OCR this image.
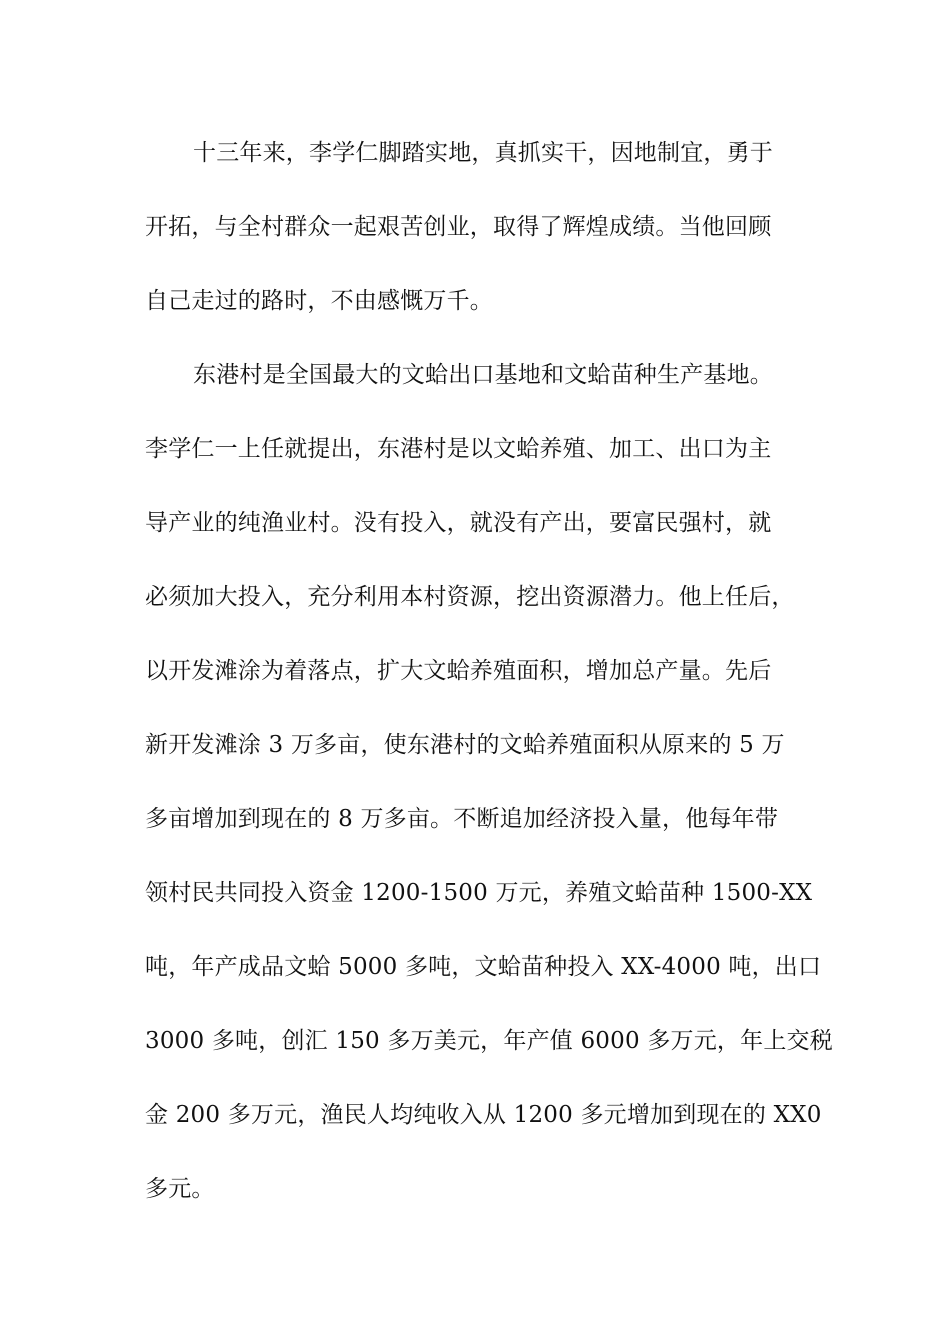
十三年来，李学仁脚踏实地，真抓实干，因地制宜，勇于
开拓，与全村群众一起艰苦创业，取得了辉煌成绩。当他回顾
自己走过的路时，不由感慨万千。
东港村是全国最大的文蛤出口基地和文蛤苗种生产基地。
李学仁一上任就提出，东港村是以文蛤养殖、加工、出口为主
导产业的纯渔业村。没有投入，就没有产出，要富民强村，就
必须加大投入，充分利用本村资源，挖出资源潜力。他上任后，
以开发滩涂为着落点，扩大文蛤养殖面积，增加总产量。先后
新开发滩涂 3 万多亩，使东港村的文蛤养殖面积从原来的 5 万
多亩增加到现在的 8 万多亩。不断追加经济投入量，他每年带
领村民共同投入资金 1200-1500 万元，养殖文蛤苗种 1500-XX
吨，年产成品文蛤 5000 多吨，文蛤苗种投入 XX-4000 吨，出口
3000 多吨，创汇 150 多万美元，年产值 6000 多万元，年上交税
金 200 多万元，渔民人均纯收入从 1200 多元增加到现在的 XX0
多元。
